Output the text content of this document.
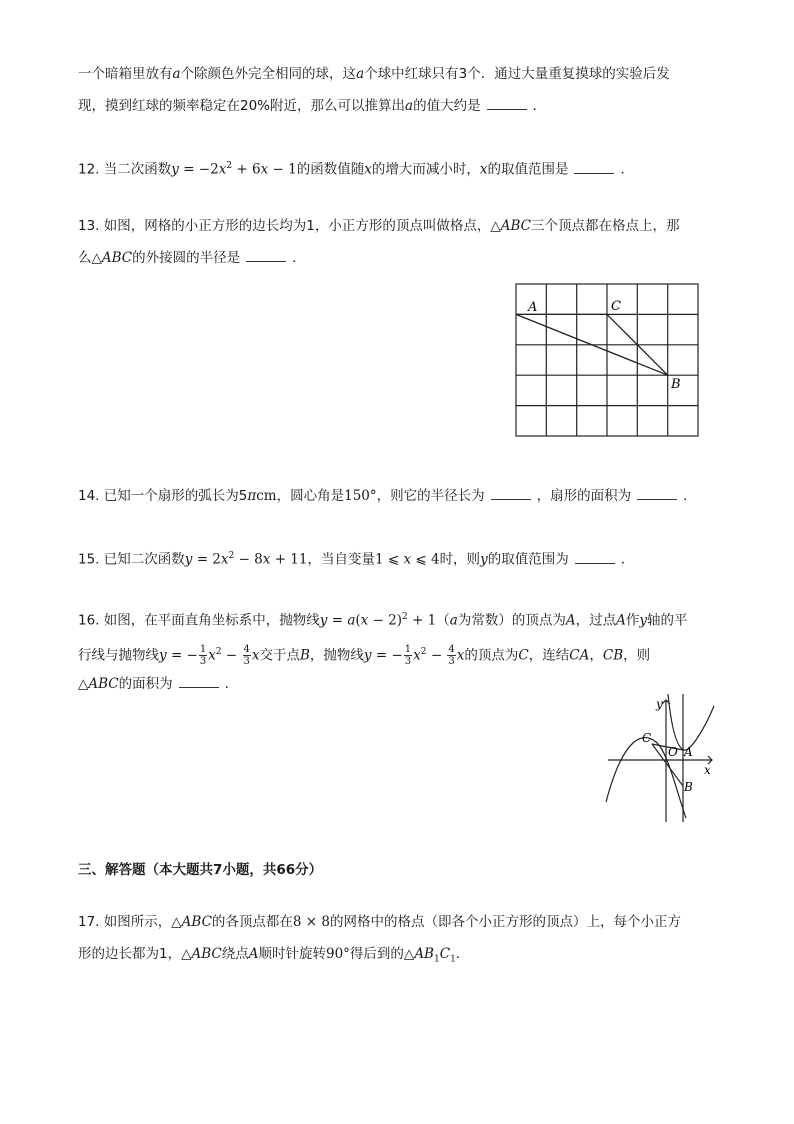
一个暗箱里放有a个除颜色外完全相同的球，这a个球中红球只有3个．通过大量重复摸球的实验后发
现，摸到红球的频率稳定在20%附近，那么可以推算出a的值大约是	．
12. 当二次函数$y = -2x^2 + 6x - 1$的函数值随x的增大而减小时，x的取值范围是	．
13. 如图，网格的小正方形的边长均为1，小正方形的顶点叫做格点，△ABC三个顶点都在格点上，那
么△ABC的外接圆的半径是	．
A	C
B
14. 已知一个扇形的弧长为5πcm，圆心角是150°，则它的半径长为	，扇形的面积为	．
15. 已知二次函数$y = 2x^2 - 8x + 11$，当自变量1 ⩽ x ⩽ 4时，则y的取值范围为	．
16. 如图，在平面直角坐标系中，抛物线$y = a(x - 2)^2 + 1(a$为常数）的顶点为A，过点A作y轴的平
行线与抛物线y = − $\frac{1}{3} x^2 - \frac{4}{3}$ x交于点B，抛物线y = − $\frac{1}{3} x^2 - \frac{4}{3}$ x的顶点为C，连结CA，CB，则
△ABC的面积为	．
y
x
C
O A
B
三、解答题（本大题共7小题，共66分）
17. 如图所示，△ABC的各顶点都在8 × 8的网格中的格点（即各个小正方形的顶点）上，每个小正方
形的边长都为1，△ABC绕点A顺时针旋转90°得后到的$\triangle AB_1C_1$．
